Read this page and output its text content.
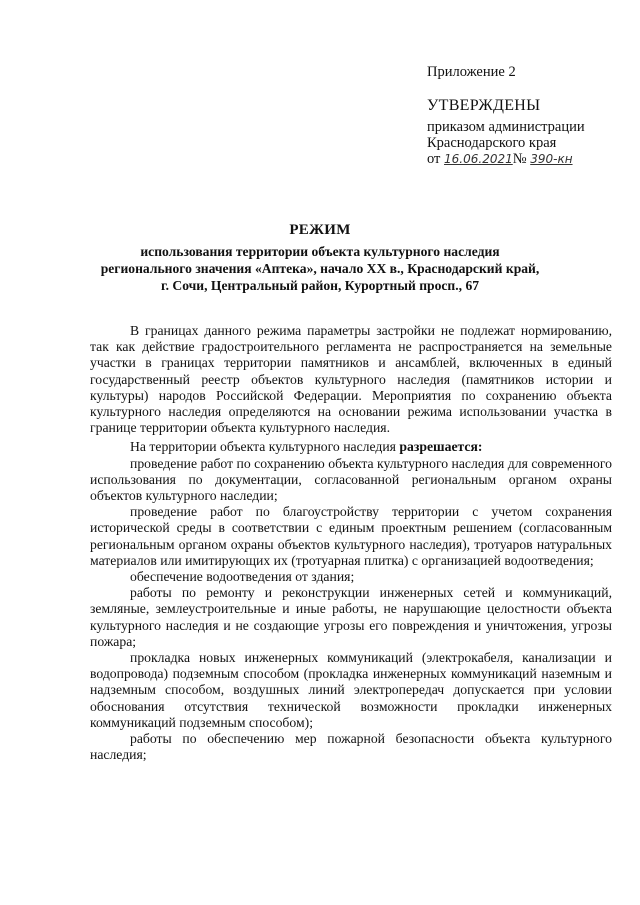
Приложение 2
УТВЕРЖДЕНЫ
приказом администрации
Краснодарского края
от 16.06.2021№ 390-кн
РЕЖИМ
использования территории объекта культурного наследия
регионального значения «Аптека», начало XX в., Краснодарский край,
г. Сочи, Центральный район, Курортный просп., 67

В границах данного режима параметры застройки не подлежат нормированию, так как действие градостроительного регламента не распространяется на земельные участки в границах территории памятников и ансамблей, включенных в единый государственный реестр объектов культурного наследия (памятников истории и культуры) народов Российской Федерации. Мероприятия по сохранению объекта культурного наследия определяются на основании режима использовании участка в границе территории объекта культурного наследия.

На территории объекта культурного наследия разрешается:

проведение работ по сохранению объекта культурного наследия для современного использования по документации, согласованной региональным органом охраны объектов культурного наследии;

проведение работ по благоустройству территории с учетом сохранения исторической среды в соответствии с единым проектным решением (согласованным региональным органом охраны объектов культурного наследия), тротуаров натуральных материалов или имитирующих их (тротуарная плитка) с организацией водоотведения;

обеспечение водоотведения от здания;

работы по ремонту и реконструкции инженерных сетей и коммуникаций, земляные, землеустроительные и иные работы, не нарушающие целостности объекта культурного наследия и не создающие угрозы его повреждения и уничтожения, угрозы пожара;

прокладка новых инженерных коммуникаций (электрокабеля, канализации и водопровода) подземным способом (прокладка инженерных коммуникаций наземным и надземным способом, воздушных линий электропередач допускается при условии обоснования отсутствия технической возможности прокладки инженерных коммуникаций подземным способом);

работы по обеспечению мер пожарной безопасности объекта культурного наследия;
